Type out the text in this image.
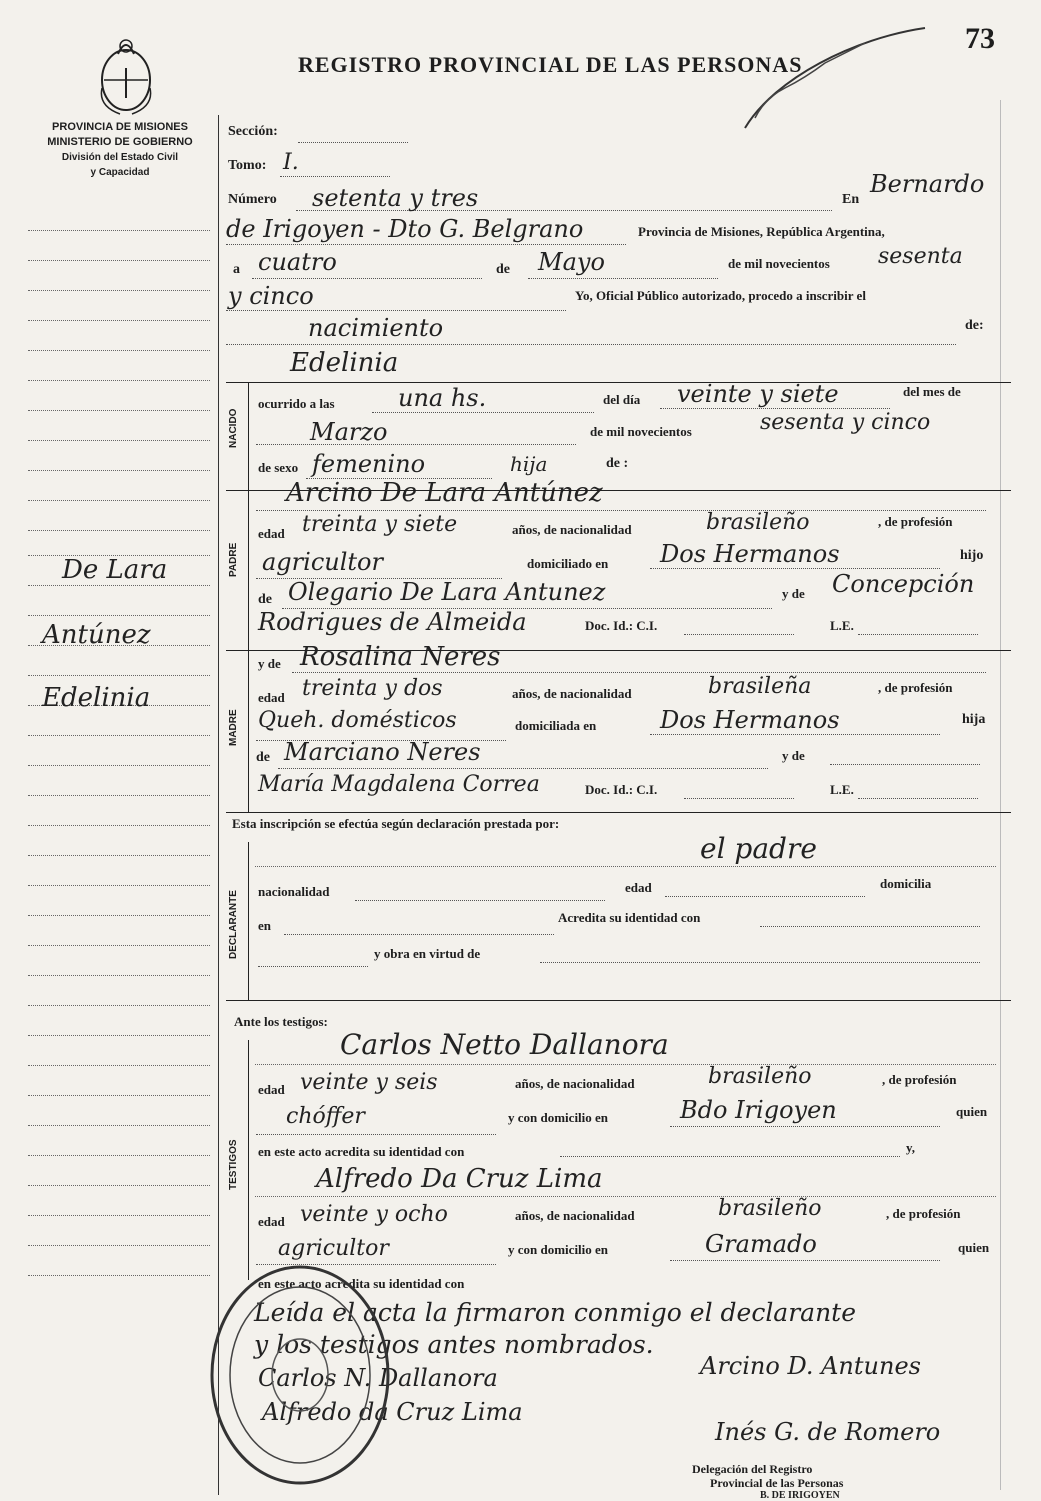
73
REGISTRO PROVINCIAL DE LAS PERSONAS
PROVINCIA DE MISIONES
MINISTERIO DE GOBIERNO
División del Estado Civil
y Capacidad
De Lara
Antúnez
Edelinia
Sección:
Tomo: I.
Número setenta y tres	En
Bernardo
de Irigoyen - Dto G. Belgrano	Provincia de Misiones, República Argentina,
a cuatro	de Mayo	de mil novecientos sesenta
y cinco	Yo, Oficial Público autorizado, procedo a inscribir el
nacimiento	de:
NACIDO
Edelinia
ocurrido a las	una hs.	del día veinte y siete	del mes de
Marzo	de mil novecientos	sesenta y cinco
de sexo femenino	hija	de :
PADRE
Arcino De Lara Antúnez
edad treinta y siete	años, de nacionalidad	brasileño	, de profesión
agricultor	domiciliado en Dos Hermanos	hijo
de Olegario De Lara Antunez	y de Concepción
Rodrigues de Almeida	Doc. Id.: C.I.	L.E.
MADRE
y de Rosalina Neres
edad treinta y dos	años, de nacionalidad	brasileña	, de profesión
Queh. domésticos	domiciliada en	Dos Hermanos	hija
de Marciano Neres	y de
María Magdalena Correa	Doc. Id.: C.I.	L.E.
Esta inscripción se efectúa según declaración prestada por:
el padre
DECLARANTE	nacionalidad	edad	domicilia
en
Acredita su identidad con
y obra en virtud de
Ante los testigos:
TESTIGOS
Carlos Netto Dallanora
edad veinte y seis	años, de nacionalidad	brasileño	, de profesión
chóffer	y con domicilio en	Bdo Irigoyen	quien
en este acto acredita su identidad con	y,
Alfredo Da Cruz Lima
edad veinte y ocho	años, de nacionalidad	brasileño	, de profesión
agricultor	y con domicilio en	Gramado	quien
en este acto acredita su identidad con
Leída el acta la firmaron conmigo el declarante
y los testigos antes nombrados.
Carlos N. Dallanora	Arcino D. Antunes
Alfredo da Cruz Lima
Inés G. de Romero
Delegación del Registro
Provincial de las Personas
B. DE IRIGOYEN
